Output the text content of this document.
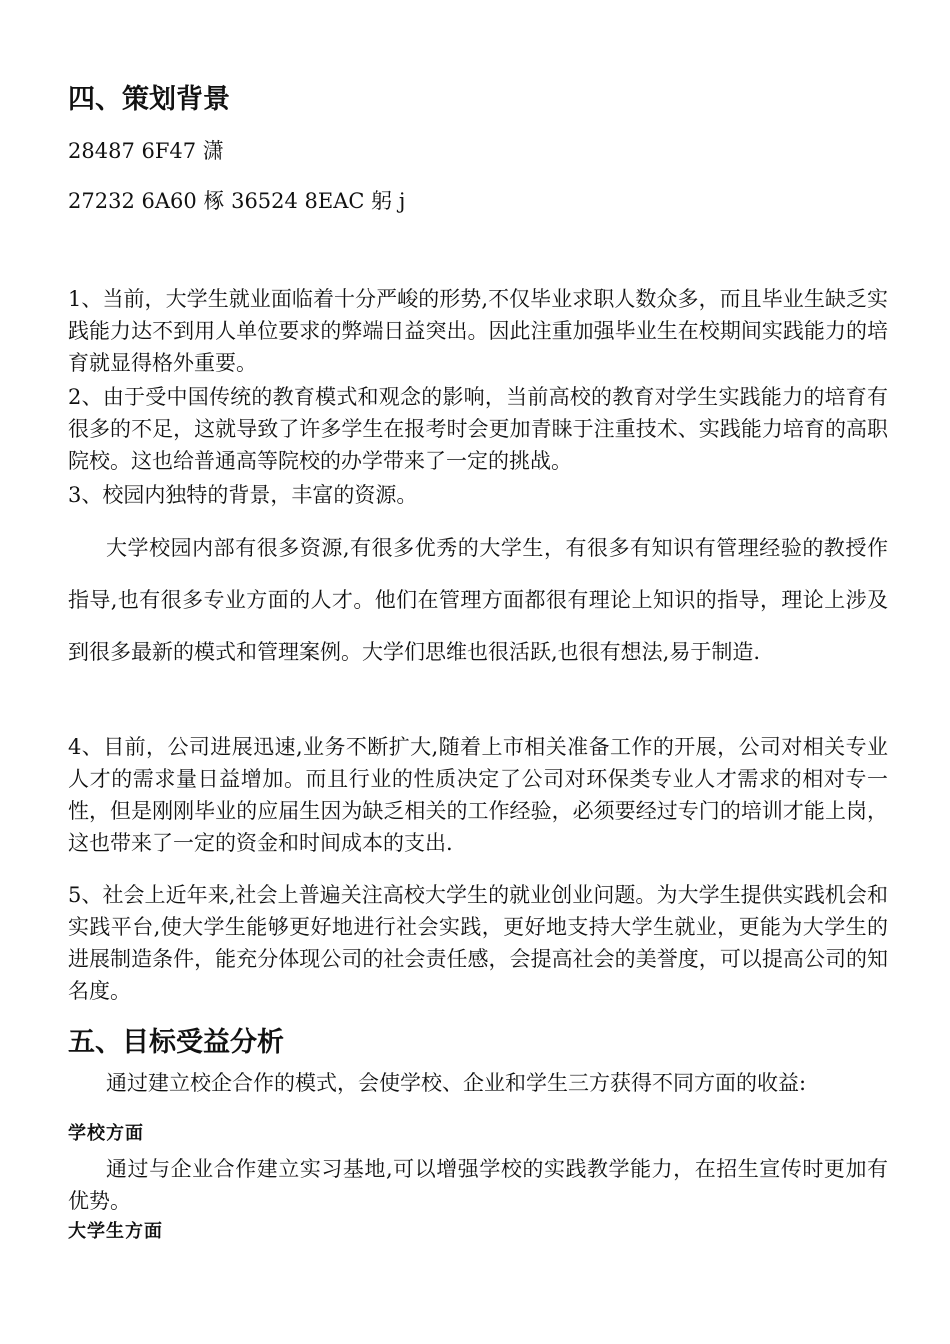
四、策划背景
28487 6F47 潇
27232 6A60 椓 36524 8EAC 躬 j

1、当前，大学生就业面临着十分严峻的形势,不仅毕业求职人数众多，而且毕业生缺乏实践能力达不到用人单位要求的弊端日益突出。因此注重加强毕业生在校期间实践能力的培育就显得格外重要。

2、由于受中国传统的教育模式和观念的影响，当前高校的教育对学生实践能力的培育有很多的不足，这就导致了许多学生在报考时会更加青睐于注重技术、实践能力培育的高职院校。这也给普通高等院校的办学带来了一定的挑战。

3、校园内独特的背景，丰富的资源。

大学校园内部有很多资源,有很多优秀的大学生，有很多有知识有管理经验的教授作指导,也有很多专业方面的人才。他们在管理方面都很有理论上知识的指导，理论上涉及到很多最新的模式和管理案例。大学们思维也很活跃,也很有想法,易于制造.

4、目前，公司进展迅速,业务不断扩大,随着上市相关准备工作的开展，公司对相关专业人才的需求量日益增加。而且行业的性质决定了公司对环保类专业人才需求的相对专一性，但是刚刚毕业的应届生因为缺乏相关的工作经验，必须要经过专门的培训才能上岗，这也带来了一定的资金和时间成本的支出.

5、社会上近年来,社会上普遍关注高校大学生的就业创业问题。为大学生提供实践机会和实践平台,使大学生能够更好地进行社会实践，更好地支持大学生就业，更能为大学生的进展制造条件，能充分体现公司的社会责任感，会提高社会的美誉度，可以提高公司的知名度。

五、目标受益分析

通过建立校企合作的模式，会使学校、企业和学生三方获得不同方面的收益:

学校方面

通过与企业合作建立实习基地,可以增强学校的实践教学能力，在招生宣传时更加有优势。

大学生方面
